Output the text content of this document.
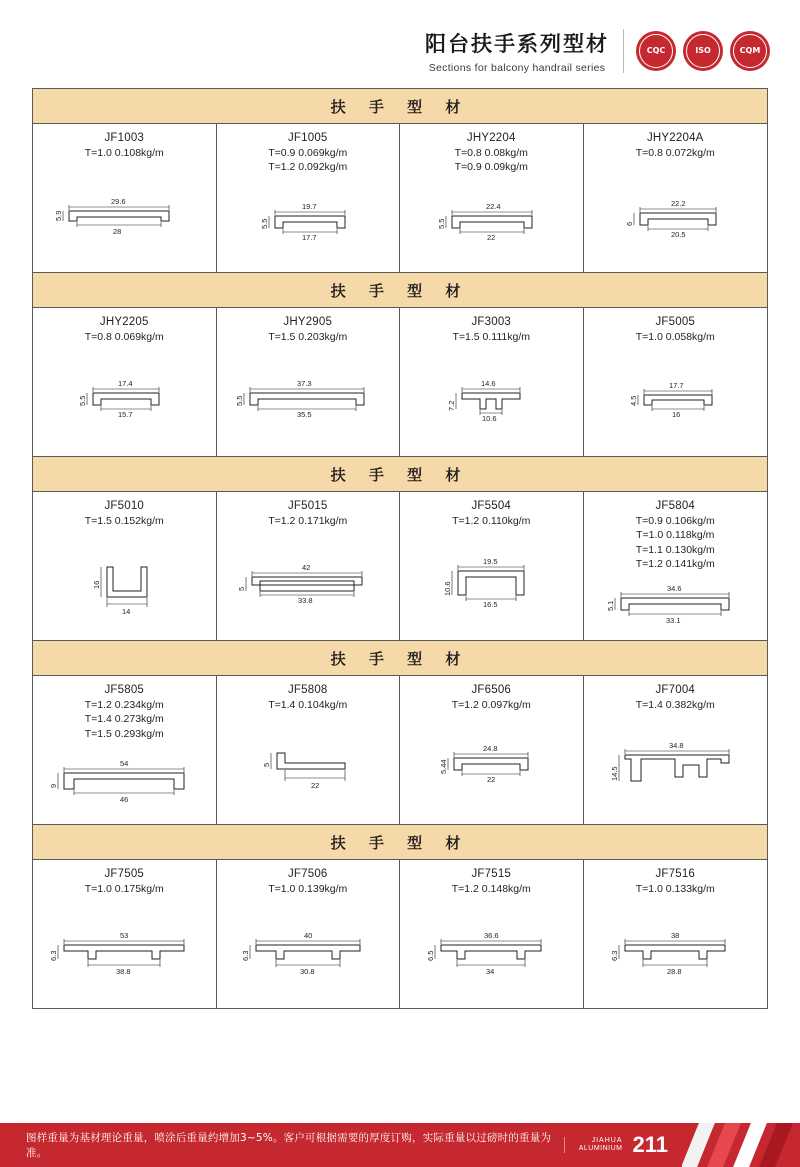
阳台扶手系列型材
Sections for balcony handrail series
CQC	ISO	CQM
扶 手 型 材
JF1003
T=1.0 0.108kg/m
29.6
28
5.9
JF1005
T=0.9 0.069kg/m
T=1.2 0.092kg/m
19.7
17.7
5.5
JHY2204
T=0.8 0.08kg/m
T=0.9 0.09kg/m
22.4
22
5.5
JHY2204A
T=0.8 0.072kg/m
22.2
20.5
6
扶 手 型 材
JHY2205
T=0.8 0.069kg/m
17.4
15.7
5.5
JHY2905
T=1.5 0.203kg/m
37.3
35.5
5.5
JF3003
T=1.5 0.111kg/m
14.6
10.6
7.2
JF5005
T=1.0 0.058kg/m
17.7
16
4.5
扶 手 型 材
JF5010
T=1.5 0.152kg/m
16
14
JF5015
T=1.2 0.171kg/m
42
33.8
5
JF5504
T=1.2 0.110kg/m
19.5
16.5
10.6
JF5804
T=0.9 0.106kg/m
T=1.0 0.118kg/m
T=1.1 0.130kg/m
T=1.2 0.141kg/m
34.6
33.1
5.1
扶 手 型 材
JF5805
T=1.2 0.234kg/m
T=1.4 0.273kg/m
T=1.5 0.293kg/m
54
46
9
JF5808
T=1.4 0.104kg/m
5
22
JF6506
T=1.2 0.097kg/m
24.8
22
5.44
JF7004
T=1.4 0.382kg/m
34.8
14.5
扶 手 型 材
JF7505
T=1.0 0.175kg/m
53
38.8
6.3
JF7506
T=1.0 0.139kg/m
40
30.8
6.3
JF7515
T=1.2 0.148kg/m
36.6
34
6.5
JF7516
T=1.0 0.133kg/m
38
28.8
6.3
图样重量为基材理论重量，喷涂后重量约增加3~5%。客户可根据需要的厚度订购，实际重量以过磅时的重量为准。
JIAHUA
ALUMINIUM 211
